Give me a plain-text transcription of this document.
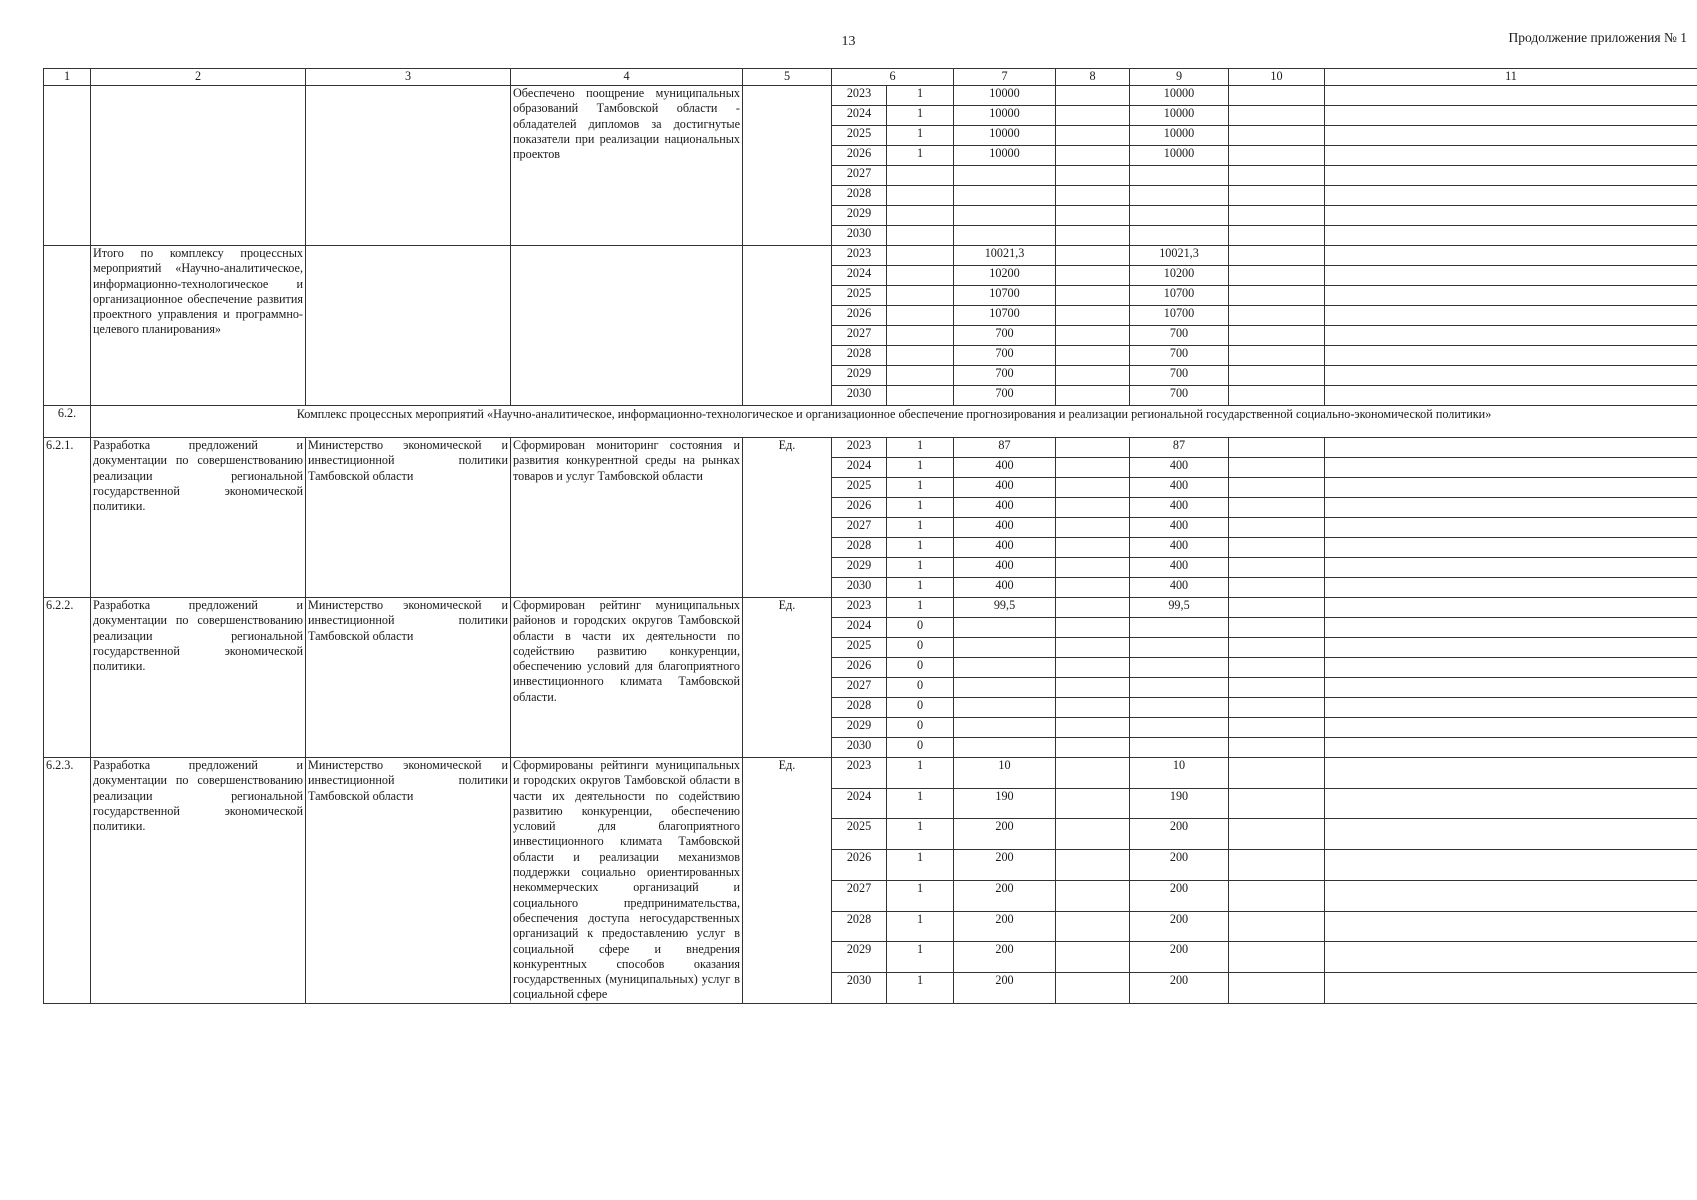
13	Продолжение приложения № 1
1	2	3	4	5	6		7	8	9	10	11
			Обеспечено поощрение муниципальных образований Тамбовской области - обладателей дипломов за достигнутые показатели при реализации национальных проектов		2023	1	10000		10000		
					2024	1	10000		10000		
					2025	1	10000		10000		
					2026	1	10000		10000		
					2027						
					2028						
					2029						
					2030						
	Итого по комплексу процессных мероприятий «Научно-аналитическое, информационно-технологическое и организационное обеспечение развития проектного управления и программно-целевого планирования»				2023		10021,3		10021,3		
					2024		10200		10200		
					2025		10700		10700		
					2026		10700		10700		
					2027		700		700		
					2028		700		700		
					2029		700		700		
					2030		700		700		
6.2.	Комплекс процессных мероприятий «Научно-аналитическое, информационно-технологическое и организационное обеспечение прогнозирования и реализации региональной государственной социально-экономической политики»										
6.2.1.	Разработка предложений и документации по совершенствованию реализации региональной государственной экономической политики.	Министерство экономической и инвестиционной политики Тамбовской области	Сформирован мониторинг состояния и развития конкурентной среды на рынках товаров и услуг Тамбовской области	Ед.	2023	1	87		87		
					2024	1	400		400		
					2025	1	400		400		
					2026	1	400		400		
					2027	1	400		400		
					2028	1	400		400		
					2029	1	400		400		
					2030	1	400		400		
6.2.2.	Разработка предложений и документации по совершенствованию реализации региональной государственной экономической политики.	Министерство экономической и инвестиционной политики Тамбовской области	Сформирован рейтинг муниципальных районов и городских округов Тамбовской области в части их деятельности по содействию развитию конкуренции, обеспечению условий для благоприятного инвестиционного климата Тамбовской области.	Ед.	2023	1	99,5		99,5		
					2024	0					
					2025	0					
					2026	0					
					2027	0					
					2028	0					
					2029	0					
					2030	0					
6.2.3.	Разработка предложений и документации по совершенствованию реализации региональной государственной экономической политики.	Министерство экономической и инвестиционной политики Тамбовской области	Сформированы рейтинги муниципальных и городских округов Тамбовской области в части их деятельности по содействию развитию конкуренции, обеспечению условий для благоприятного инвестиционного климата Тамбовской области и реализации механизмов поддержки социально ориентированных некоммерческих организаций и социального предпринимательства, обеспечения доступа негосударственных организаций к предоставлению услуг в социальной сфере и внедрения конкурентных способов оказания государственных (муниципальных) услуг в социальной сфере	Ед.	2023	1	10		10		
					2024	1	190		190		
					2025	1	200		200		
					2026	1	200		200		
					2027	1	200		200		
					2028	1	200		200		
					2029	1	200		200		
					2030	1	200		200		
